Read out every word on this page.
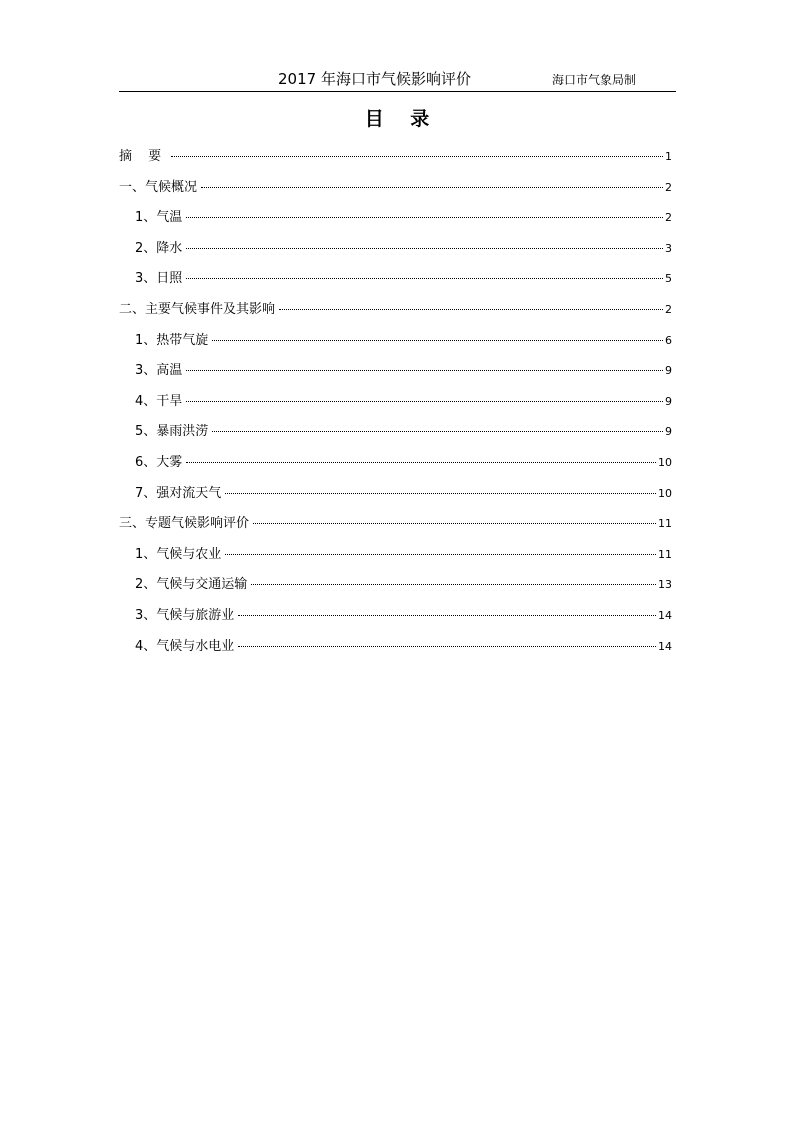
2017 年海口市气候影响评价	海口市气象局制
目 录
摘 要	1
一、气候概况	2
1、气温	2
2、降水	3
3、日照	5
二、主要气候事件及其影响	2
1、热带气旋	6
3、高温	9
4、干旱	9
5、暴雨洪涝	9
6、大雾	10
7、强对流天气	10
三、专题气候影响评价	11
1、气候与农业	11
2、气候与交通运输	13
3、气候与旅游业	14
4、气候与水电业	14
